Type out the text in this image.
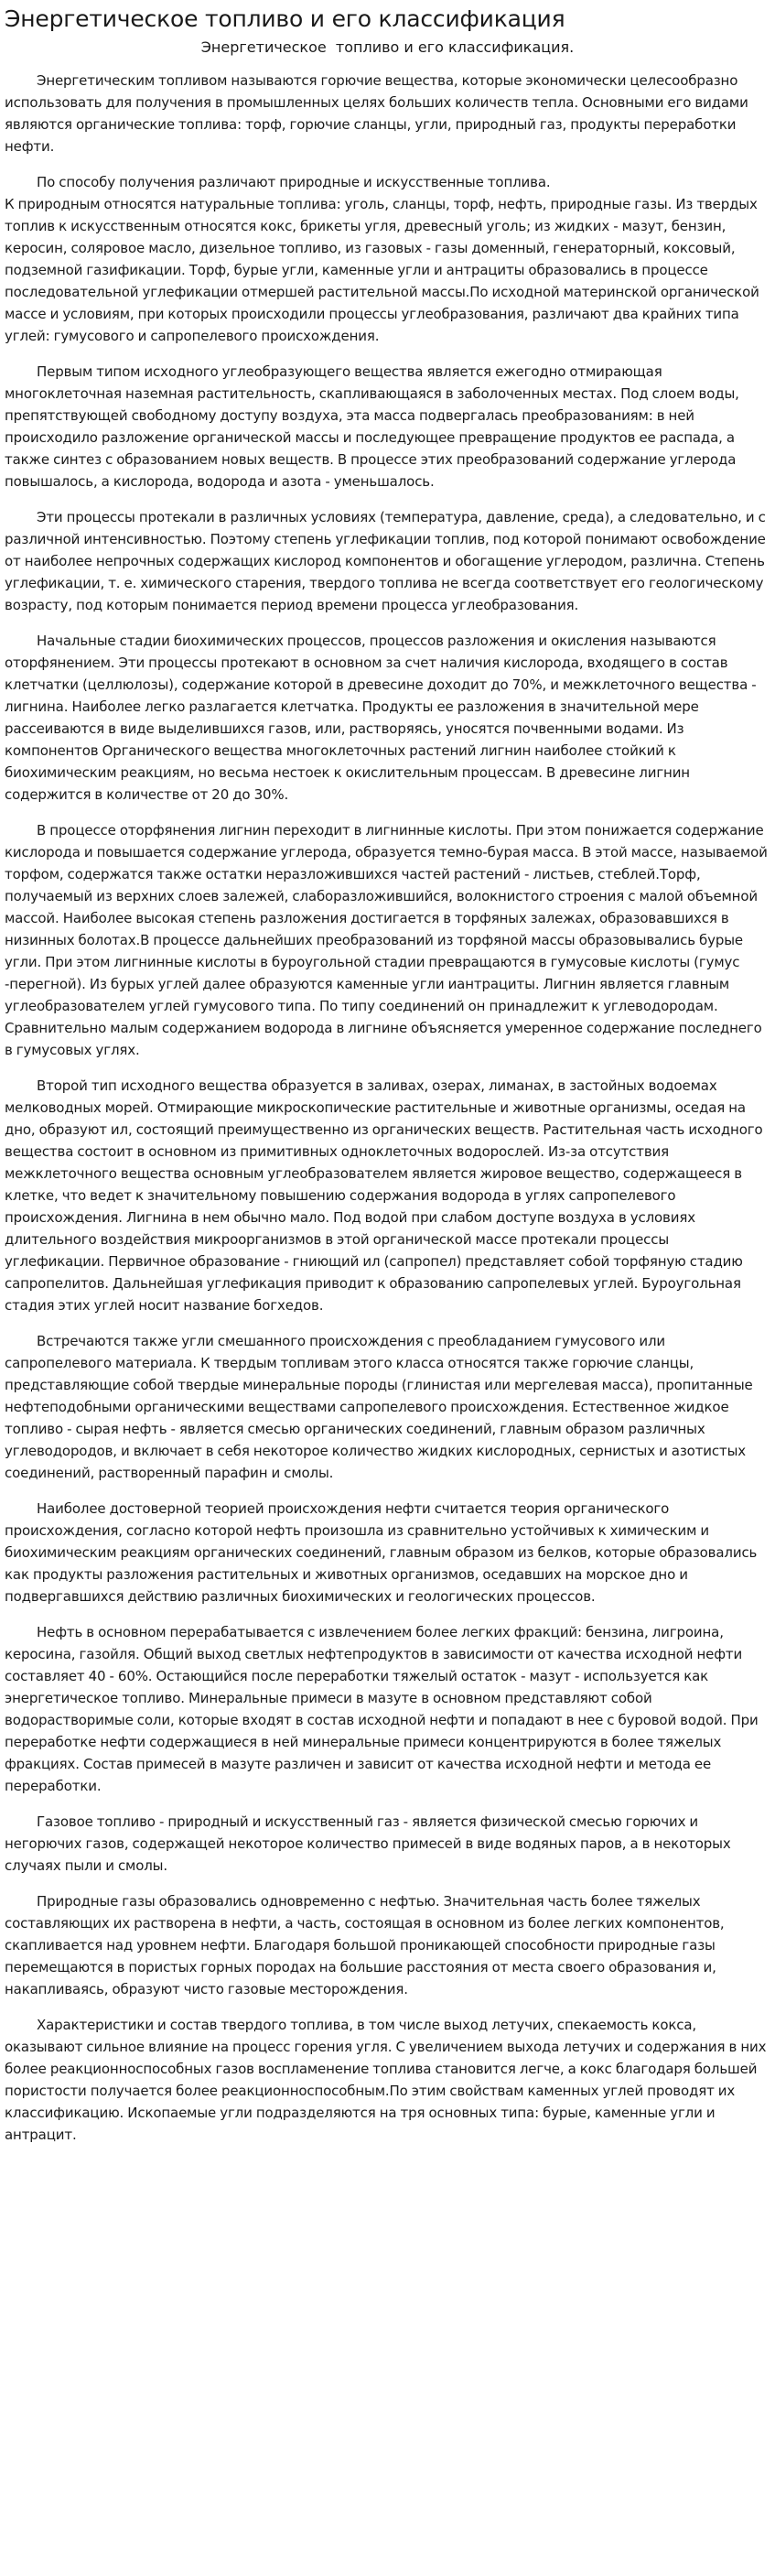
Энергетическое топливо и его классификация
Энергетическое  топливо и его классификация.

Энергетическим топливом называются горючие вещества, которые экономически целесообразно использовать для получения в промышленных целях больших количеств тепла. Основными его видами являются органические топлива: торф, горючие сланцы, угли, природный газ, продукты переработки нефти.

По способу получения различают природные и искусственные топлива.
К природным относятся натуральные топлива: уголь, сланцы, торф, нефть, природные газы. Из твердых топлив к искусственным относятся кокс, брикеты угля, древесный уголь; из жидких - мазут, бензин, керосин, соляровое масло, дизельное топливо, из газовых - газы доменный, генераторный, коксовый, подземной газификации. Торф, бурые угли, каменные угли и антрациты образовались в процессе последовательной углефикации отмершей растительной массы.По исходной материнской органической массе и условиям, при которых происходили процессы углеобразования, различают два крайних типа углей: гумусового и сапропелевого происхождения.

Первым типом исходного углеобразующего вещества является ежегодно отмирающая многоклеточная наземная растительность, скапливающаяся в заболоченных местах. Под слоем воды, препятствующей свободному доступу воздуха, эта масса подвергалась преобразованиям: в ней происходило разложение органической массы и последующее превращение продуктов ее распада, а также синтез с образованием новых веществ. В процессе этих преобразований содержание углерода повышалось, а кислорода, водорода и азота - уменьшалось.

Эти процессы протекали в различных условиях (температура, давление, среда), а следовательно, и с различной интенсивностью. Поэтому степень углефикации топлив, под которой понимают освобождение от наиболее непрочных содержащих кислород компонентов и обогащение углеродом, различна. Степень углефикации, т. е. химического старения, твердого топлива не всегда соответствует его геологическому возрасту, под которым понимается период времени процесса углеобразования.

Начальные стадии биохимических процессов, процессов разложения и окисления называются оторфянением. Эти процессы протекают в основном за счет наличия кислорода, входящего в состав клетчатки (целлюлозы), содержание которой в древесине доходит до 70%, и межклеточного вещества - лигнина. Наиболее легко разлагается клетчатка. Продукты ее разложения в значительной мере рассеиваются в виде выделившихся газов, или, растворяясь, уносятся почвенными водами. Из компонентов Органического вещества многоклеточных растений лигнин наиболее стойкий к биохимическим реакциям, но весьма нестоек к окислительным процессам. В древесине лигнин содержится в количестве от 20 до 30%.

В процессе оторфянения лигнин переходит в лигнинные кислоты. При этом понижается содержание кислорода и повышается содержание углерода, образуется темно-бурая масса. В этой массе, называемой торфом, содержатся также остатки неразложившихся частей растений - листьев, стеблей.Торф, получаемый из верхних слоев залежей, слаборазложившийся, волокнистого строения с малой объемной массой. Наиболее высокая степень разложения достигается в торфяных залежах, образовавшихся в низинных болотах.В процессе дальнейших преобразований из торфяной массы образовывались бурые угли. При этом лигнинные кислоты в буроугольной стадии превращаются в гумусовые кислоты (гумус -перегной). Из бурых углей далее образуются каменные угли иантрациты. Лигнин является главным углеобразователем углей гумусового типа. По типу соединений он принадлежит к углеводородам. Сравнительно малым содержанием водорода в лигнине объясняется умеренное содержание последнего в гумусовых углях.

Второй тип исходного вещества образуется в заливах, озерах, лиманах, в застойных водоемах мелководных морей. Отмирающие микроскопические растительные и животные организмы, оседая на дно, образуют ил, состоящий преимущественно из органических веществ. Растительная часть исходного вещества состоит в основном из примитивных одноклеточных водорослей. Из-за отсутствия межклеточного вещества основным углеобразователем является жировое вещество, содержащееся в клетке, что ведет к значительному повышению содержания водорода в углях сапропелевого происхождения. Лигнина в нем обычно мало. Под водой при слабом доступе воздуха в условиях длительного воздействия микроорганизмов в этой органической массе протекали процессы углефикации. Первичное образование - гниющий ил (сапропел) представляет собой торфяную стадию сапропелитов. Дальнейшая углефикация приводит к образованию сапропелевых углей. Буроугольная стадия этих углей носит название богхедов.

Встречаются также угли смешанного происхождения с преобладанием гумусового или сапропелевого материала. К твердым топливам этого класса относятся также горючие сланцы, представляющие собой твердые минеральные породы (глинистая или мергелевая масса), пропитанные нефтеподобными органическими веществами сапропелевого происхождения. Естественное жидкое топливо - сырая нефть - является смесью органических соединений, главным образом различных углеводородов, и включает в себя некоторое количество жидких кислородных, сернистых и азотистых соединений, растворенный парафин и смолы.

Наиболее достоверной теорией происхождения нефти считается теория органического происхождения, согласно которой нефть произошла из сравнительно устойчивых к химическим и биохимическим реакциям органических соединений, главным образом из белков, которые образовались как продукты разложения растительных и животных организмов, оседавших на морское дно и подвергавшихся действию различных биохимических и геологических процессов.

Нефть в основном перерабатывается с извлечением более легких фракций: бензина, лигроина, керосина, газойля. Общий выход светлых нефтепродуктов в зависимости от качества исходной нефти составляет 40 - 60%. Остающийся после переработки тяжелый остаток - мазут - используется как энергетическое топливо. Минеральные примеси в мазуте в основном представляют собой водорастворимые соли, которые входят в состав исходной нефти и попадают в нее с буровой водой. При переработке нефти содержащиеся в ней минеральные примеси концентрируются в более тяжелых фракциях. Состав примесей в мазуте различен и зависит от качества исходной нефти и метода ее переработки.

Газовое топливо - природный и искусственный газ - является физической смесью горючих и негорючих газов, содержащей некоторое количество примесей в виде водяных паров, а в некоторых случаях пыли и смолы.

Природные газы образовались одновременно с нефтью. Значительная часть более тяжелых составляющих их растворена в нефти, а часть, состоящая в основном из более легких компонентов, скапливается над уровнем нефти. Благодаря большой проникающей способности природные газы перемещаются в пористых горных породах на большие расстояния от места своего образования и, накапливаясь, образуют чисто газовые месторождения.

Характеристики и состав твердого топлива, в том числе выход летучих, спекаемость кокса, оказывают сильное влияние на процесс горения угля. С увеличением выхода летучих и содержания в них более реакционноспособных газов воспламенение топлива становится легче, а кокс благодаря большей пористости получается более реакционноспособным.По этим свойствам каменных углей проводят их классификацию. Ископаемые угли подразделяются на тря основных типа: бурые, каменные угли и антрацит.
